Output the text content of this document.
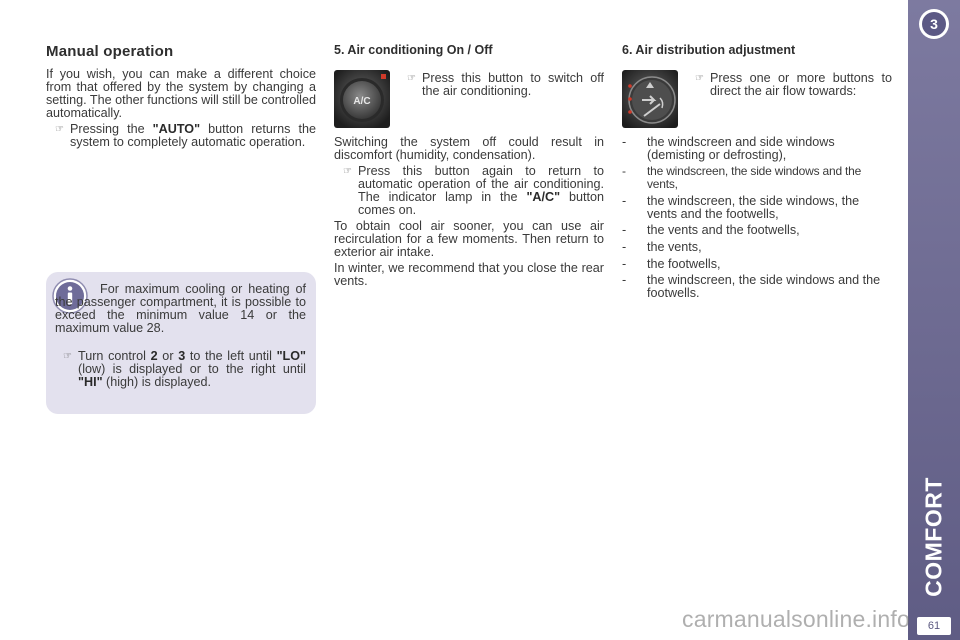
Manual operation

If you wish, you can make a different choice from that offered by the system by changing a setting. The other functions will still be controlled automatically.

☞ Pressing the "AUTO" button returns the system to completely automatic operation.

For maximum cooling or heating of the passenger compartment, it is possible to exceed the minimum value 14 or the maximum value 28.

☞ Turn control 2 or 3 to the left until "LO" (low) is displayed or to the right until "HI" (high) is displayed.

5. Air conditioning On / Off
A/C

☞ Press this button to switch off the air conditioning.

Switching the system off could result in discomfort (humidity, condensation).

☞ Press this button again to return to automatic operation of the air conditioning. The indicator lamp in the "A/C" button comes on.

To obtain cool air sooner, you can use air recirculation for a few moments. Then return to exterior air intake.

In winter, we recommend that you close the rear vents.

6. Air distribution adjustment

☞ Press one or more buttons to direct the air flow towards:

- the windscreen and side windows (demisting or defrosting),

- the windscreen, the side windows and the vents,

- the windscreen, the side windows, the vents and the footwells,

- the vents and the footwells,

- the vents,

- the footwells,

- the windscreen, the side windows and the footwells.

3
COMFORT
61
carmanualsonline.info
